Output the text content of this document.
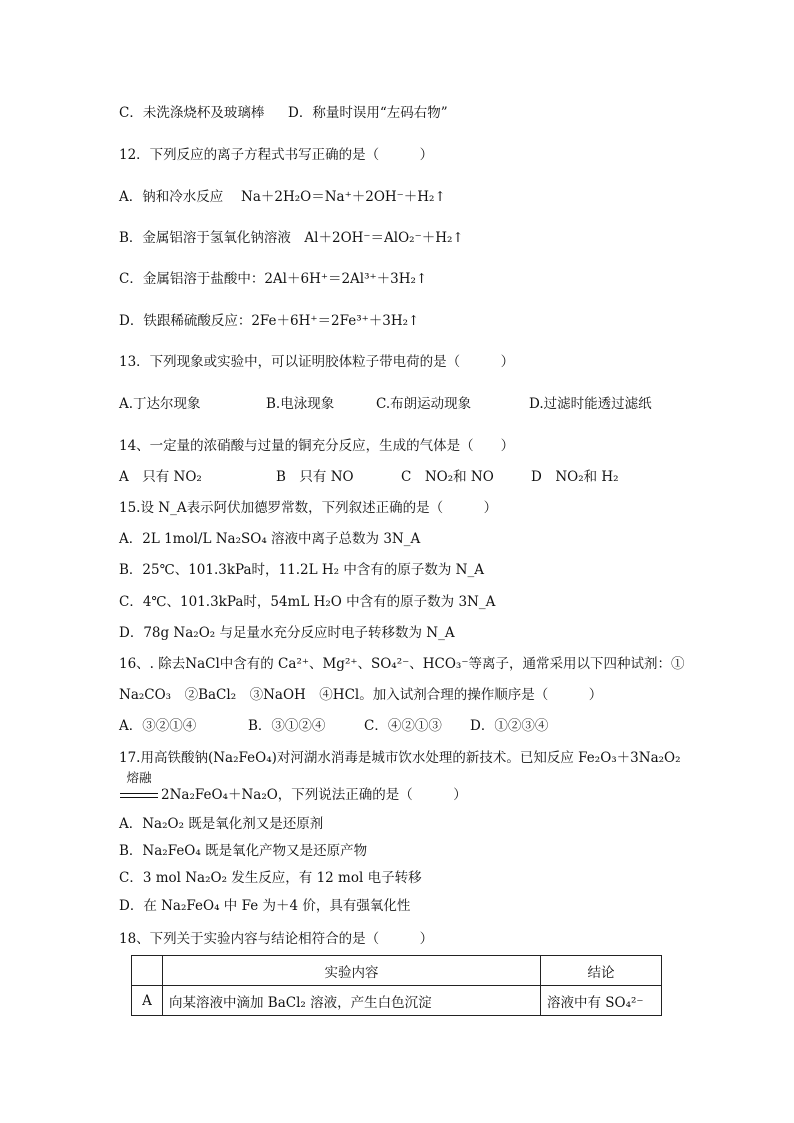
C．未洗涤烧杯及玻璃棒 D．称量时误用“左码右物”
12．下列反应的离子方程式书写正确的是（　　　）
A．钠和冷水反应　 Na＋2H₂O＝Na⁺＋2OH⁻＋H₂↑
B．金属铝溶于氢氧化钠溶液　Al＋2OH⁻＝AlO₂⁻＋H₂↑
C．金属铝溶于盐酸中：2Al＋6H⁺＝2Al³⁺＋3H₂↑
D．铁跟稀硫酸反应：2Fe＋6H⁺＝2Fe³⁺＋3H₂↑
13．下列现象或实验中，可以证明胶体粒子带电荷的是（　　　）
A.丁达尔现象	B.电泳现象	C.布朗运动现象	D.过滤时能透过滤纸
14、一定量的浓硝酸与过量的铜充分反应，生成的气体是（　　）
A　只有 NO₂	B　只有 NO	C　NO₂和 NO	D　NO₂和 H₂
15.设 N_A表示阿伏加德罗常数，下列叙述正确的是（　　　）
A．2L 1mol/L Na₂SO₄ 溶液中离子总数为 3N_A
B．25℃、101.3kPa时，11.2L H₂ 中含有的原子数为 N_A
C．4℃、101.3kPa时，54mL H₂O 中含有的原子数为 3N_A
D．78g Na₂O₂ 与足量水充分反应时电子转移数为 N_A
16、. 除去NaCl中含有的 Ca²⁺、Mg²⁺、SO₄²⁻、HCO₃⁻等离子，通常采用以下四种试剂：①
Na₂CO₃　②BaCl₂　③NaOH　④HCl。加入试剂合理的操作顺序是（　　　）
A．③②①④	B．③①②④	C．④②①③ D．①②③④
17.用高铁酸钠(Na₂FeO₄)对河湖水消毒是城市饮水处理的新技术。已知反应 Fe₂O₃＋3Na₂O₂
熔融
2Na₂FeO₄＋Na₂O，下列说法正确的是（　　　）
A．Na₂O₂ 既是氧化剂又是还原剂
B．Na₂FeO₄ 既是氧化产物又是还原产物
C．3 mol Na₂O₂ 发生反应，有 12 mol 电子转移
D．在 Na₂FeO₄ 中 Fe 为＋4 价，具有强氧化性
18、下列关于实验内容与结论相符合的是（　　　）
	实验内容	结论
A	向某溶液中滴加 BaCl₂ 溶液，产生白色沉淀	溶液中有 SO₄²⁻
